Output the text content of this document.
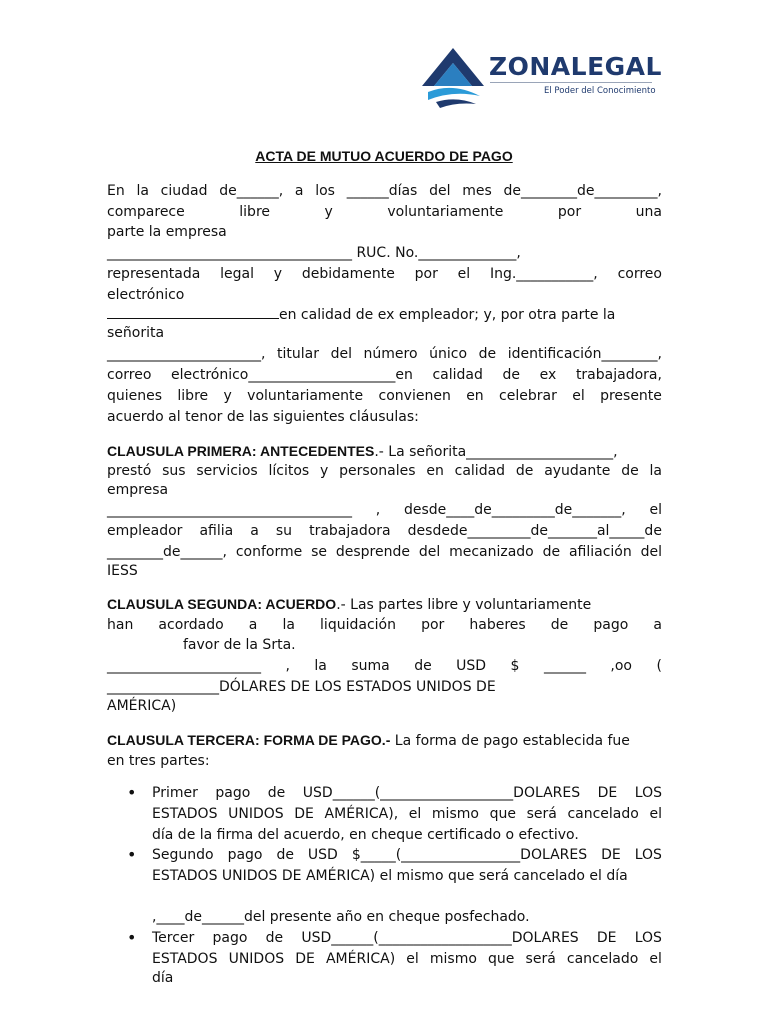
ZONALEGAL
El Poder del Conocimiento
ACTA DE MUTUO ACUERDO DE PAGO
En la ciudad de______, a los ______días del mes de________de_________,
comparece	libre	y	voluntariamente	por	una
parte la empresa
___________________________________ RUC. No.______________,
representada legal y debidamente por el Ing.___________, correo
electrónico
en calidad de ex empleador; y, por otra parte la
señorita
______________________, titular del número único de identificación________,
correo electrónico_____________________en calidad de ex trabajadora,
quienes libre y voluntariamente convienen en celebrar el presente
acuerdo al tenor de las siguientes cláusulas:
CLAUSULA PRIMERA: ANTECEDENTES.- La señorita_____________________,
prestó sus servicios lícitos y personales en calidad de ayudante de la
empresa
___________________________________ , desde____de_________de_______, el
empleador afilia a su trabajadora desdede_________de_______al_____de
________de______, conforme se desprende del mecanizado de afiliación del
IESS
CLAUSULA SEGUNDA: ACUERDO.- Las partes libre y voluntariamente
han acordado a la liquidación por haberes de pago a
favor de la Srta.
______________________ , la suma de USD $ ______ ,oo (
________________DÓLARES DE LOS ESTADOS UNIDOS DE
AMÉRICA)
CLAUSULA TERCERA: FORMA DE PAGO.- La forma de pago establecida fue
en tres partes:
• Primer pago de USD______(___________________DOLARES DE LOS
ESTADOS UNIDOS DE AMÉRICA), el mismo que será cancelado el
día de la firma del acuerdo, en cheque certificado o efectivo.
• Segundo pago de USD $_____(_________________DOLARES DE LOS
ESTADOS UNIDOS DE AMÉRICA) el mismo que será cancelado el día
,____de______del presente año en cheque posfechado.
• Tercer pago de USD______(___________________DOLARES DE LOS
ESTADOS UNIDOS DE AMÉRICA) el mismo que será cancelado el
día
